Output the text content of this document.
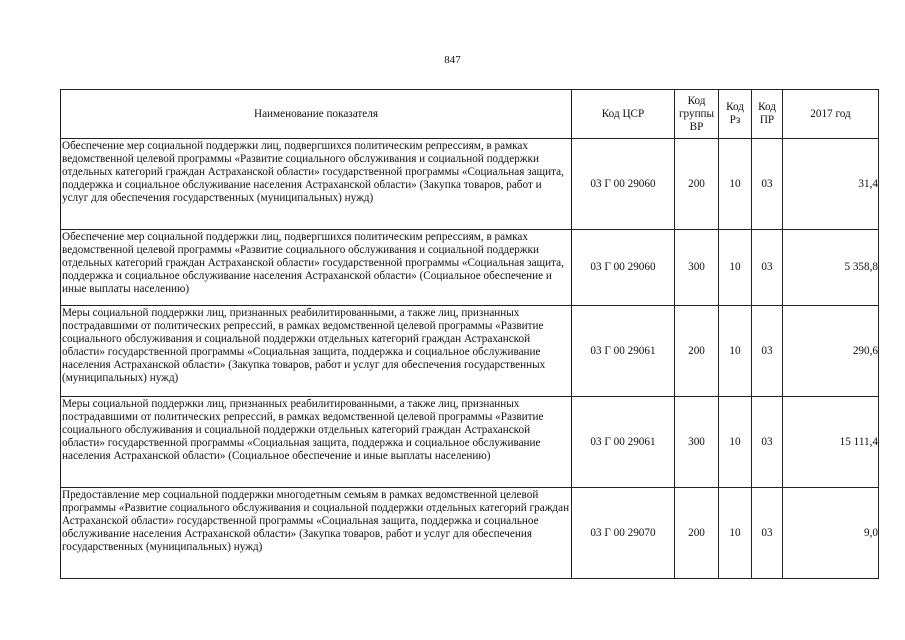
847
Наименование показателя	Код ЦСР	Код группы ВР	Код Рз	Код ПР	2017 год
Обеспечение мер социальной поддержки лиц, подвергшихся политическим репрессиям, в рамках ведомственной целевой программы «Развитие социального обслуживания и социальной поддержки отдельных категорий граждан Астраханской области» государственной программы «Социальная защита, поддержка и социальное обслуживание населения Астраханской области» (Закупка товаров, работ и услуг для обеспечения государственных (муниципальных) нужд)	03 Г 00 29060	200	10	03	31,4
Обеспечение мер социальной поддержки лиц, подвергшихся политическим репрессиям, в рамках ведомственной целевой программы «Развитие социального обслуживания и социальной поддержки отдельных категорий граждан Астраханской области» государственной программы «Социальная защита, поддержка и социальное обслуживание населения Астраханской области» (Социальное обеспечение и иные выплаты населению)	03 Г 00 29060	300	10	03	5 358,8
Меры социальной поддержки лиц, признанных реабилитированными, а также лиц, признанных пострадавшими от политических репрессий, в рамках ведомственной целевой программы «Развитие социального обслуживания и социальной поддержки отдельных категорий граждан Астраханской области» государственной программы «Социальная защита, поддержка и социальное обслуживание населения Астраханской области» (Закупка товаров, работ и услуг для обеспечения государственных (муниципальных) нужд)	03 Г 00 29061	200	10	03	290,6
Меры социальной поддержки лиц, признанных реабилитированными, а также лиц, признанных пострадавшими от политических репрессий, в рамках ведомственной целевой программы «Развитие социального обслуживания и социальной поддержки отдельных категорий граждан Астраханской области» государственной программы «Социальная защита, поддержка и социальное обслуживание населения Астраханской области» (Социальное обеспечение и иные выплаты населению)	03 Г 00 29061	300	10	03	15 111,4
Предоставление мер социальной поддержки многодетным семьям в рамках ведомственной целевой программы «Развитие социального обслуживания и социальной поддержки отдельных категорий граждан Астраханской области» государственной программы «Социальная защита, поддержка и социальное обслуживание населения Астраханской области» (Закупка товаров, работ и услуг для обеспечения государственных (муниципальных) нужд)	03 Г 00 29070	200	10	03	9,0
